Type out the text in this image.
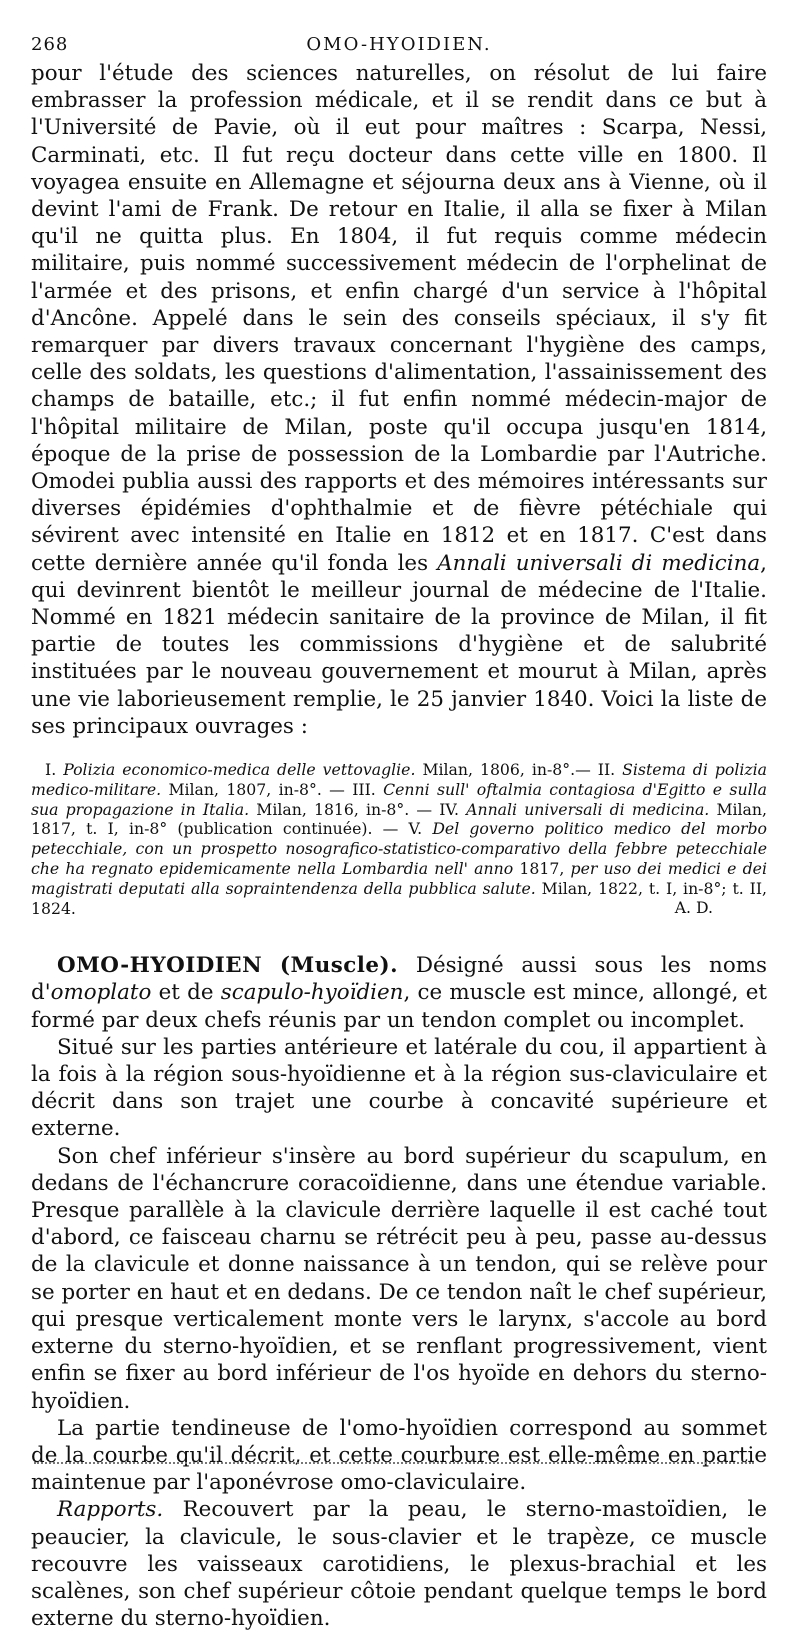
268	OMO-HYOIDIEN.

pour l'étude des sciences naturelles, on résolut de lui faire embrasser la profession médicale, et il se rendit dans ce but à l'Université de Pavie, où il eut pour maîtres : Scarpa, Nessi, Carminati, etc. Il fut reçu docteur dans cette ville en 1800. Il voyagea ensuite en Allemagne et séjourna deux ans à Vienne, où il devint l'ami de Frank. De retour en Italie, il alla se fixer à Milan qu'il ne quitta plus. En 1804, il fut requis comme médecin militaire, puis nommé successivement médecin de l'orphelinat de l'armée et des prisons, et enfin chargé d'un service à l'hôpital d'Ancône. Appelé dans le sein des conseils spéciaux, il s'y fit remarquer par divers travaux concernant l'hygiène des camps, celle des soldats, les questions d'alimentation, l'assainissement des champs de bataille, etc.; il fut enfin nommé médecin-major de l'hôpital militaire de Milan, poste qu'il occupa jusqu'en 1814, époque de la prise de possession de la Lombardie par l'Autriche. Omodei publia aussi des rapports et des mémoires intéressants sur diverses épidémies d'ophthalmie et de fièvre pétéchiale qui sévirent avec intensité en Italie en 1812 et en 1817. C'est dans cette dernière année qu'il fonda les Annali universali di medicina, qui devinrent bientôt le meilleur journal de médecine de l'Italie. Nommé en 1821 médecin sanitaire de la province de Milan, il fit partie de toutes les commissions d'hygiène et de salubrité instituées par le nouveau gouvernement et mourut à Milan, après une vie laborieusement remplie, le 25 janvier 1840. Voici la liste de ses principaux ouvrages :

I. Polizia economico-medica delle vettovaglie. Milan, 1806, in-8°.— II. Sistema di polizia medico-militare. Milan, 1807, in-8°. — III. Cenni sull' oftalmia contagiosa d'Egitto e sulla sua propagazione in Italia. Milan, 1816, in-8°. — IV. Annali universali di medicina. Milan, 1817, t. I, in-8° (publication continuée). — V. Del governo politico medico del morbo petecchiale, con un prospetto nosografico-statistico-comparativo della febbre petecchiale che ha regnato epidemicamente nella Lombardia nell' anno 1817, per uso dei medici e dei magistrati deputati alla sopraintendenza della pubblica salute. Milan, 1822, t. I, in-8°; t. II, 1824.	A. D.

OMO-HYOIDIEN (Muscle). Désigné aussi sous les noms d'omoplato et de scapulo-hyoïdien, ce muscle est mince, allongé, et formé par deux chefs réunis par un tendon complet ou incomplet.

Situé sur les parties antérieure et latérale du cou, il appartient à la fois à la région sous-hyoïdienne et à la région sus-claviculaire et décrit dans son trajet une courbe à concavité supérieure et externe.

Son chef inférieur s'insère au bord supérieur du scapulum, en dedans de l'échancrure coracoïdienne, dans une étendue variable. Presque parallèle à la clavicule derrière laquelle il est caché tout d'abord, ce faisceau charnu se rétrécit peu à peu, passe au-dessus de la clavicule et donne naissance à un tendon, qui se relève pour se porter en haut et en dedans. De ce tendon naît le chef supérieur, qui presque verticalement monte vers le larynx, s'accole au bord externe du sterno-hyoïdien, et se renflant progressivement, vient enfin se fixer au bord inférieur de l'os hyoïde en dehors du sterno-hyoïdien.

La partie tendineuse de l'omo-hyoïdien correspond au sommet de la courbe qu'il décrit, et cette courbure est elle-même en partie maintenue par l'aponévrose omo-claviculaire.

Rapports. Recouvert par la peau, le sterno-mastoïdien, le peaucier, la clavicule, le sous-clavier et le trapèze, ce muscle recouvre les vaisseaux carotidiens, le plexus-brachial et les scalènes, son chef supérieur côtoie pendant quelque temps le bord externe du sterno-hyoïdien.
